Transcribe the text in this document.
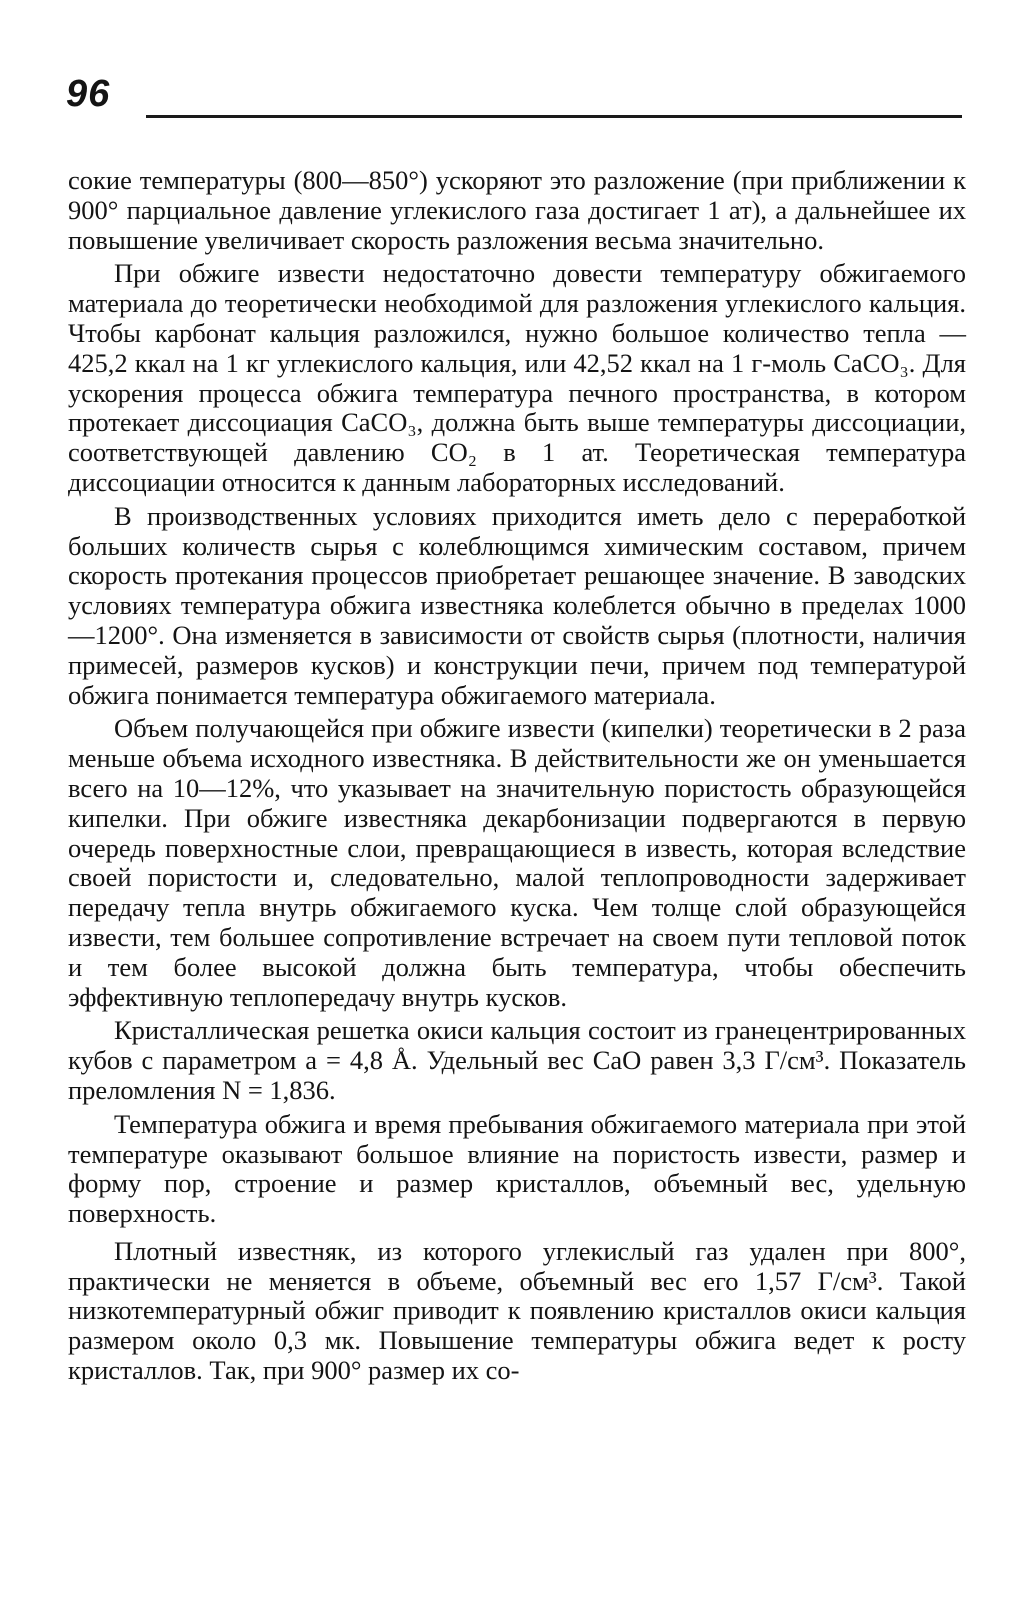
96

сокие температуры (800—850°) ускоряют это разложение (при приближении к 900° парциальное давление углекислого газа достигает 1 ат), а дальнейшее их повышение увеличивает скорость разложения весьма значительно.

При обжиге извести недостаточно довести температуру обжигаемого материала до теоретически необходимой для разложения углекислого кальция. Чтобы карбонат кальция разложился, нужно большое количество тепла — 425,2 ккал на 1 кг углекислого кальция, или 42,52 ккал на 1 г-моль CaCO₃. Для ускорения процесса обжига температура печного пространства, в котором протекает диссоциация CaCO₃, должна быть выше температуры диссоциации, соответствующей давлению CO₂ в 1 ат. Теоретическая температура диссоциации относится к данным лабораторных исследований.

В производственных условиях приходится иметь дело с переработкой больших количеств сырья с колеблющимся химическим составом, причем скорость протекания процессов приобретает решающее значение. В заводских условиях температура обжига известняка колеблется обычно в пределах 1000—1200°. Она изменяется в зависимости от свойств сырья (плотности, наличия примесей, размеров кусков) и конструкции печи, причем под температурой обжига понимается температура обжигаемого материала.

Объем получающейся при обжиге извести (кипелки) теоретически в 2 раза меньше объема исходного известняка. В действительности же он уменьшается всего на 10—12%, что указывает на значительную пористость образующейся кипелки. При обжиге известняка декарбонизации подвергаются в первую очередь поверхностные слои, превращающиеся в известь, которая вследствие своей пористости и, следовательно, малой теплопроводности задерживает передачу тепла внутрь обжигаемого куска. Чем толще слой образующейся извести, тем большее сопротивление встречает на своем пути тепловой поток и тем более высокой должна быть температура, чтобы обеспечить эффективную теплопередачу внутрь кусков.

Кристаллическая решетка окиси кальция состоит из гранецентрированных кубов с параметром a = 4,8 Å. Удельный вес CaO равен 3,3 Г/см³. Показатель преломления N = 1,836.

Температура обжига и время пребывания обжигаемого материала при этой температуре оказывают большое влияние на пористость извести, размер и форму пор, строение и размер кристаллов, объемный вес, удельную поверхность.

Плотный известняк, из которого углекислый газ удален при 800°, практически не меняется в объеме, объемный вес его 1,57 Г/см³. Такой низкотемпературный обжиг приводит к появлению кристаллов окиси кальция размером около 0,3 мк. Повышение температуры обжига ведет к росту кристаллов. Так, при 900° размер их со-
